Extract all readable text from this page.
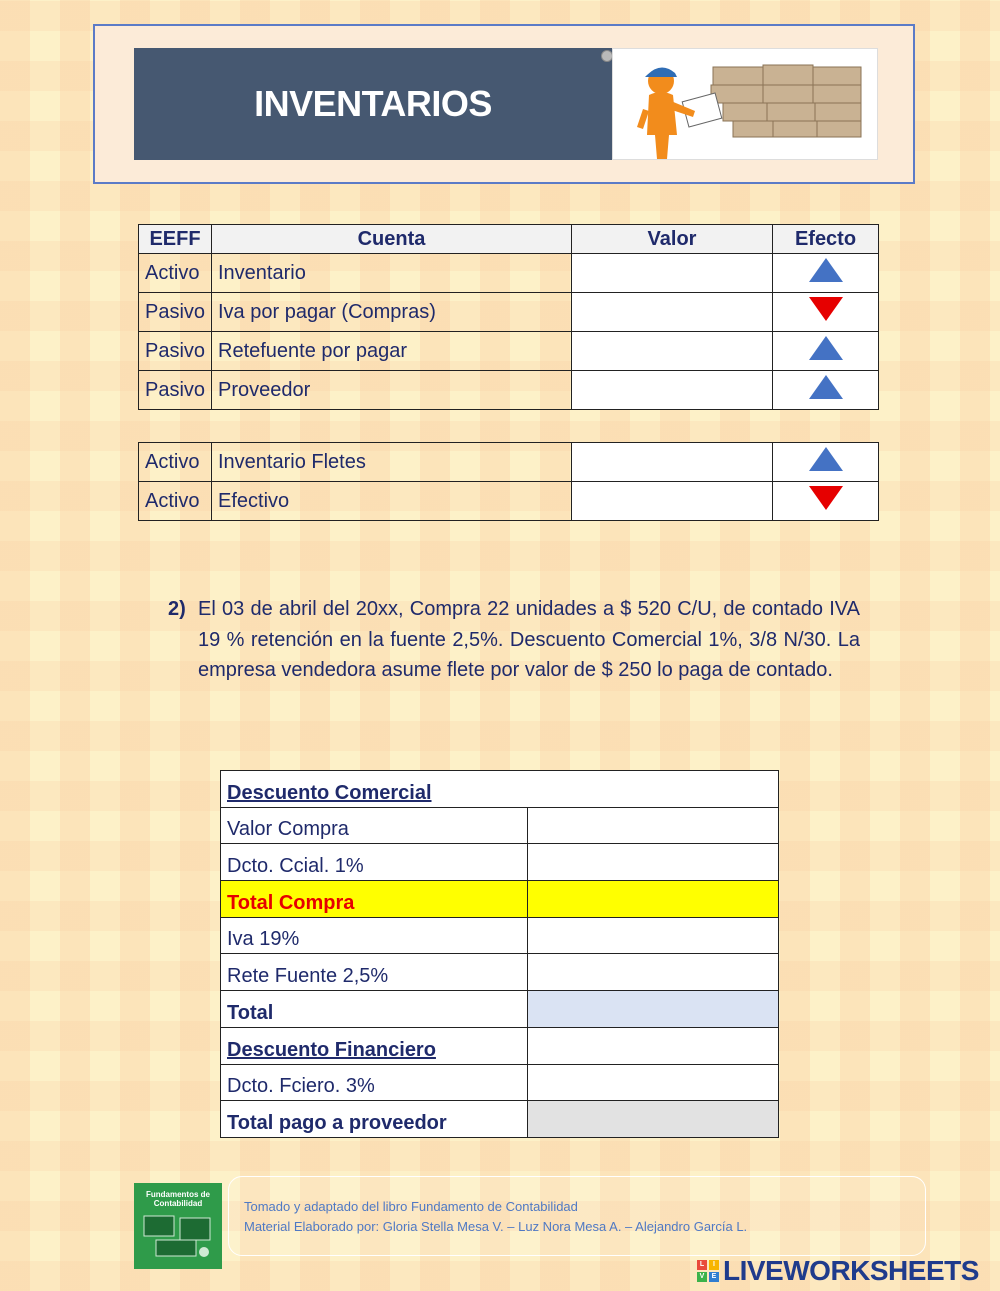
INVENTARIOS
EEFF	Cuenta	Valor	Efecto
Activo	Inventario		
Pasivo	Iva por pagar (Compras)		
Pasivo	Retefuente por pagar		
Pasivo	Proveedor		
Activo	Inventario Fletes		
Activo	Efectivo		
2) El 03 de abril del 20xx, Compra 22 unidades a $ 520 C/U, de contado IVA 19 % retención en la fuente 2,5%. Descuento Comercial 1%, 3/8 N/30. La empresa vendedora asume flete por valor de $ 250 lo paga de contado.
Descuento Comercial	
Valor Compra	
Dcto. Ccial. 1%	
Total Compra	
Iva 19%	
Rete Fuente 2,5%	
Total	
Descuento Financiero	
Dcto. Fciero. 3%	
Total pago a proveedor	
Fundamentos de Contabilidad	Tomado y adaptado del libro Fundamento de Contabilidad
Material Elaborado por: Gloria Stella Mesa V. – Luz Nora Mesa A. – Alejandro García L.
L	I
V	E LIVEWORKSHEETS
